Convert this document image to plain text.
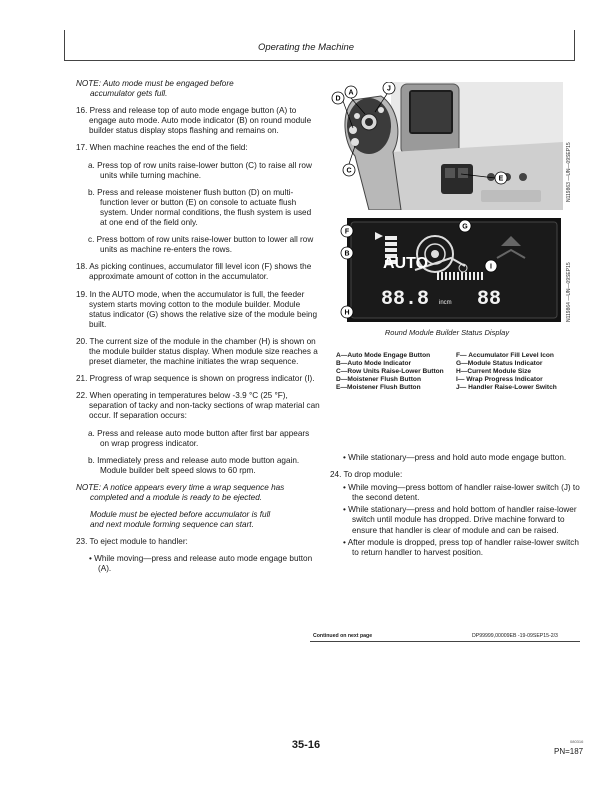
Operating the Machine
NOTE: Auto mode must be engaged before
accumulator gets full.
16. Press and release top of auto mode engage button (A) to engage auto mode. Auto mode indicator (B) on round module builder status display stops flashing and remains on.
17. When machine reaches the end of the field:
a. Press top of row units raise-lower button (C) to raise all row units while turning machine.
b. Press and release moistener flush button (D) on multi-function lever or button (E) on console to actuate flush system. Under normal conditions, the flush system is used at one end of the field only.
c. Press bottom of row units raise-lower button to lower all row units as machine re-enters the rows.
18. As picking continues, accumulator fill level icon (F) shows the approximate amount of cotton in the accumulator.
19. In the AUTO mode, when the accumulator is full, the feeder system starts moving cotton to the module builder. Module status indicator (G) shows the relative size of the module being built.
20. The current size of the module in the chamber (H) is shown on the module builder status display. When module size reaches a preset diameter, the machine initiates the wrap sequence.
21. Progress of wrap sequence is shown on progress indicator (I).
22. When operating in temperatures below -3.9 °C (25 °F), separation of tacky and non-tacky sections of wrap material can occur. If separation occurs:
a. Press and release auto mode button after first bar appears on wrap progress indicator.
b. Immediately press and release auto mode button again. Module builder belt speed slows to 60 rpm.
NOTE: A notice appears every time a wrap sequence has
completed and a module is ready to be ejected.
Module must be ejected before accumulator is full
and next module forming sequence can start.
23. To eject module to handler:
• While moving—press and release auto mode engage button (A).
A
D
J
C
E	N119863 —UN—09SEP15
AUTO
88.8 incm 88
G
I
F
B
H	N119864 —UN—09SEP15
Round Module Builder Status Display
A—Auto Mode Engage Button
B—Auto Mode Indicator
C—Row Units Raise-Lower Button
D—Moistener Flush Button
E—Moistener Flush Button
F— Accumulator Fill Level Icon
G—Module Status Indicator
H—Current Module Size
I— Wrap Progress Indicator
J— Handler Raise-Lower Switch
• While stationary—press and hold auto mode engage button.
24. To drop module:
• While moving—press bottom of handler raise-lower switch (J) to the second detent.
• While stationary—press and hold bottom of handler raise-lower switch until module has dropped. Drive machine forward to ensure that handler is clear of module and can be raised.
• After module is dropped, press top of handler raise-lower switch to return handler to harvest position.
Continued on next page	DP99999,00009EB -19-09SEP15-2/3
35-16	080316
PN=187
